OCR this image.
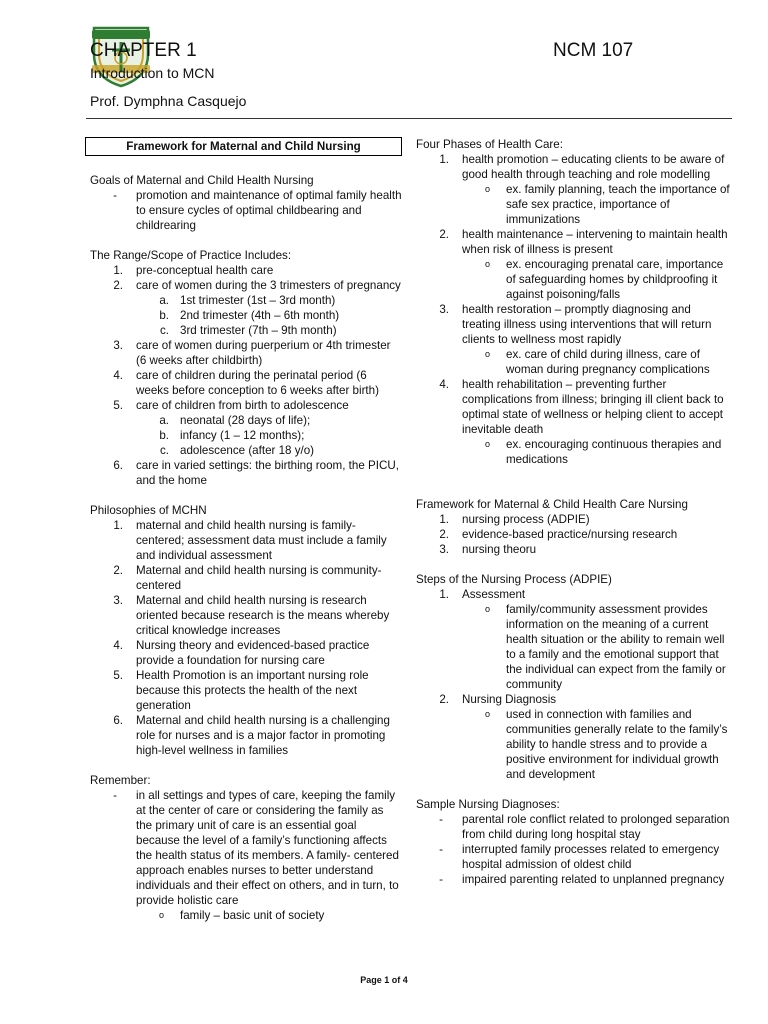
CHAPTER 1	NCM 107
Introduction to MCN
Prof. Dymphna Casquejo
Framework for Maternal and Child Nursing

Goals of Maternal and Child Health Nursing

-	promotion and maintenance of optimal family health to ensure cycles of optimal childbearing and childrearing

The Range/Scope of Practice Includes:

1.	pre-conceptual health care
2.	care of women during the 3 trimesters of pregnancy
a. 1st trimester (1st – 3rd month)
b. 2nd trimester (4th – 6th month)
c. 3rd trimester (7th – 9th month)
3.	care of women during puerperium or 4th trimester (6 weeks after childbirth)
4.	care of children during the perinatal period (6 weeks before conception to 6 weeks after birth)
5.	care of children from birth to adolescence
a. neonatal (28 days of life);
b. infancy (1 – 12 months);
c. adolescence (after 18 y/o)
6.	care in varied settings: the birthing room, the PICU, and the home

Philosophies of MCHN

1.	maternal and child health nursing is family-centered; assessment data must include a family and individual assessment
2.	Maternal and child health nursing is community-centered
3.	Maternal and child health nursing is research oriented because research is the means whereby critical knowledge increases
4.	Nursing theory and evidenced-based practice provide a foundation for nursing care
5.	Health Promotion is an important nursing role because this protects the health of the next generation
6.	Maternal and child health nursing is a challenging role for nurses and is a major factor in promoting high-level wellness in families

Remember:

-	in all settings and types of care, keeping the family at the center of care or considering the family as the primary unit of care is an essential goal because the level of a family’s functioning affects the health status of its members. A family- centered approach enables nurses to better understand individuals and their effect on others, and in turn, to provide holistic care
o	family – basic unit of society

Four Phases of Health Care:

1.	health promotion – educating clients to be aware of good health through teaching and role modelling
o	ex. family planning, teach the importance of safe sex practice, importance of immunizations
2.	health maintenance – intervening to maintain health when risk of illness is present
o	ex. encouraging prenatal care, importance of safeguarding homes by childproofing it against poisoning/falls
3.	health restoration – promptly diagnosing and treating illness using interventions that will return clients to wellness most rapidly
o	ex. care of child during illness, care of woman during pregnancy complications
4.	health rehabilitation – preventing further complications from illness; bringing ill client back to optimal state of wellness or helping client to accept inevitable death
o	ex. encouraging continuous therapies and medications

Framework for Maternal & Child Health Care Nursing

1.	nursing process (ADPIE)
2.	evidence-based practice/nursing research
3.	nursing theoru

Steps of the Nursing Process (ADPIE)

1.	Assessment
o	family/community assessment provides information on the meaning of a current health situation or the ability to remain well to a family and the emotional support that the individual can expect from the family or community
2.	Nursing Diagnosis
o	used in connection with families and communities generally relate to the family’s ability to handle stress and to provide a positive environment for individual growth and development

Sample Nursing Diagnoses:

-	parental role conflict related to prolonged separation from child during long hospital stay
-	interrupted family processes related to emergency hospital admission of oldest child
-	impaired parenting related to unplanned pregnancy
Page 1 of 4
